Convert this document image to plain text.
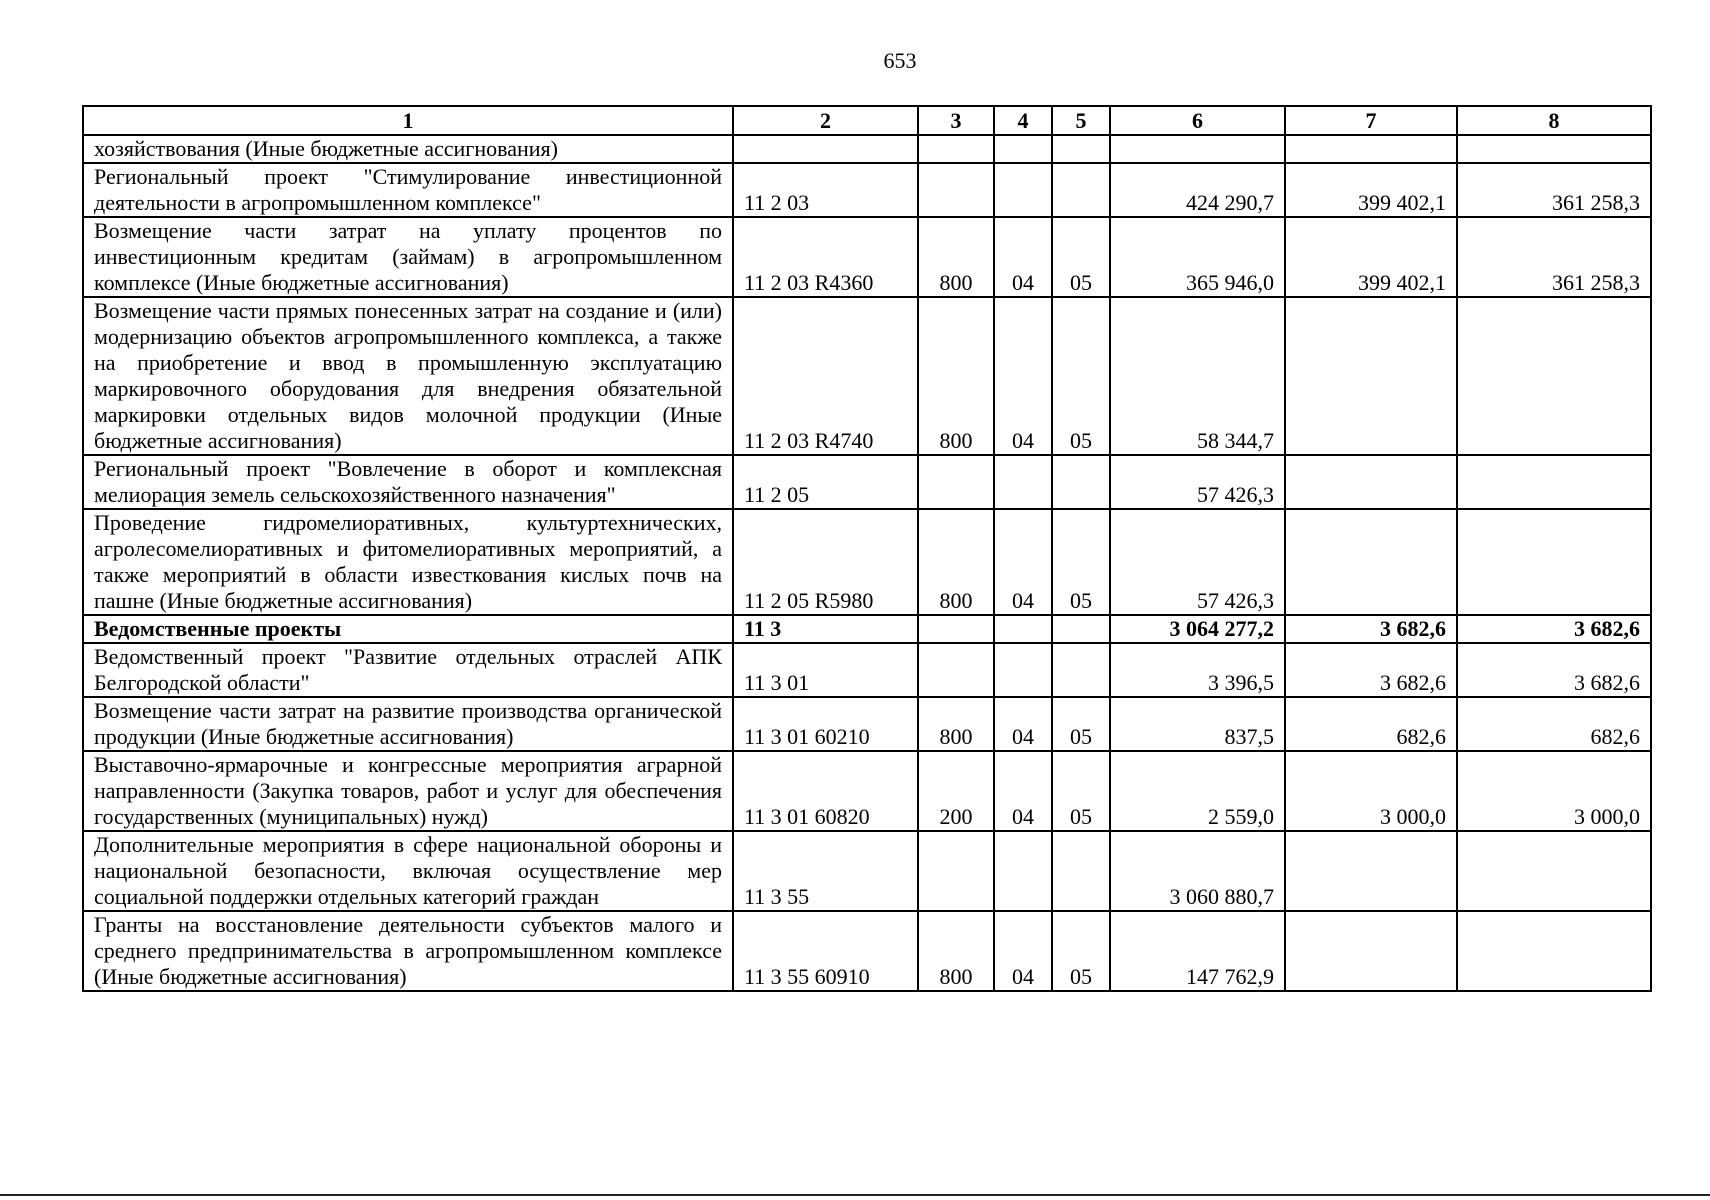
653
1	2	3	4	5	6	7	8
хозяйствования (Иные бюджетные ассигнования)							
Региональный проект "Стимулирование инвестиционной деятельности в агропромышленном комплексе"	11 2 03				424 290,7	399 402,1	361 258,3
Возмещение части затрат на уплату процентов по инвестиционным кредитам (займам) в агропромышленном комплексе (Иные бюджетные ассигнования)	11 2 03 R4360	800	04	05	365 946,0	399 402,1	361 258,3
Возмещение части прямых понесенных затрат на создание и (или) модернизацию объектов агропромышленного комплекса, а также на приобретение и ввод в промышленную эксплуатацию маркировочного оборудования для внедрения обязательной маркировки отдельных видов молочной продукции (Иные бюджетные ассигнования)	11 2 03 R4740	800	04	05	58 344,7		
Региональный проект "Вовлечение в оборот и комплексная мелиорация земель сельскохозяйственного назначения"	11 2 05				57 426,3		
Проведение гидромелиоративных, культуртехнических, агролесомелиоративных и фитомелиоративных мероприятий, а также мероприятий в области известкования кислых почв на пашне (Иные бюджетные ассигнования)	11 2 05 R5980	800	04	05	57 426,3		
Ведомственные проекты	11 3				3 064 277,2	3 682,6	3 682,6
Ведомственный проект "Развитие отдельных отраслей АПК Белгородской области"	11 3 01				3 396,5	3 682,6	3 682,6
Возмещение части затрат на развитие производства органической продукции (Иные бюджетные ассигнования)	11 3 01 60210	800	04	05	837,5	682,6	682,6
Выставочно-ярмарочные и конгрессные мероприятия аграрной направленности (Закупка товаров, работ и услуг для обеспечения государственных (муниципальных) нужд)	11 3 01 60820	200	04	05	2 559,0	3 000,0	3 000,0
Дополнительные мероприятия в сфере национальной обороны и национальной безопасности, включая осуществление мер социальной поддержки отдельных категорий граждан	11 3 55				3 060 880,7		
Гранты на восстановление деятельности субъектов малого и среднего предпринимательства в агропромышленном комплексе (Иные бюджетные ассигнования)	11 3 55 60910	800	04	05	147 762,9		
